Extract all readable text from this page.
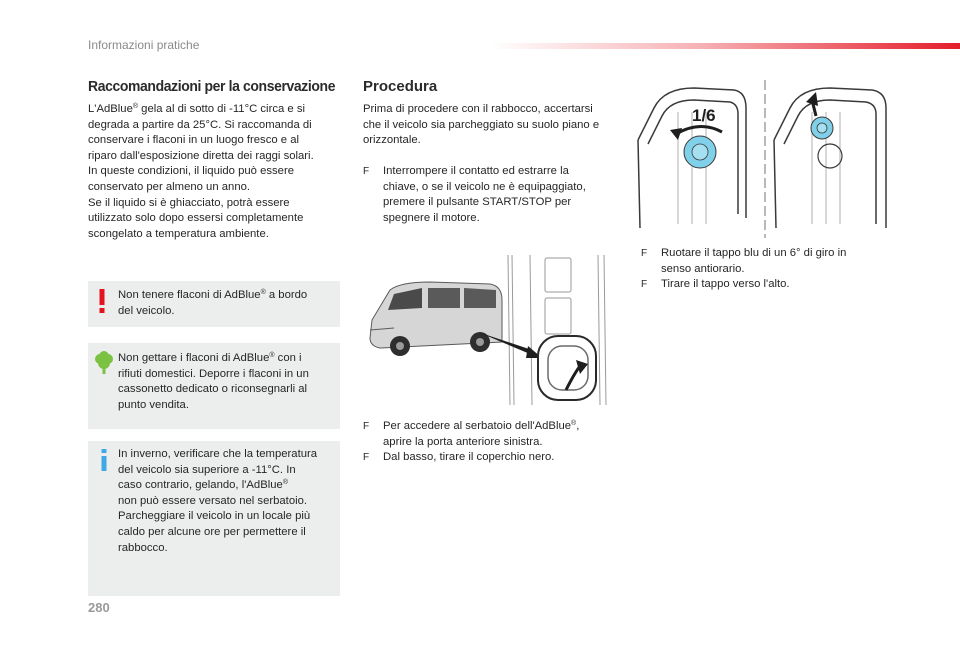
Informazioni pratiche
Raccomandazioni per la conservazione

L'AdBlue® gela al di sotto di -11°C circa e si

degrada a partire da 25°C. Si raccomanda di

conservare i flaconi in un luogo fresco e al

riparo dall'esposizione diretta dei raggi solari.

In queste condizioni, il liquido può essere

conservato per almeno un anno.

Se il liquido si è ghiacciato, potrà essere

utilizzato solo dopo essersi completamente

scongelato a temperatura ambiente.

Non tenere flaconi di AdBlue® a bordo

del veicolo.

Non gettare i flaconi di AdBlue® con i

rifiuti domestici. Deporre i flaconi in un

cassonetto dedicato o riconsegnarli al

punto vendita.

In inverno, verificare che la temperatura

del veicolo sia superiore a -11°C. In

caso contrario, gelando, l'AdBlue®

non può essere versato nel serbatoio.

Parcheggiare il veicolo in un locale più

caldo per alcune ore per permettere il

rabbocco.

Procedura

Prima di procedere con il rabbocco, accertarsi

che il veicolo sia parcheggiato su suolo piano e

orizzontale.

F Interrompere il contatto ed estrarre la

chiave, o se il veicolo ne è equipaggiato,

premere il pulsante START/STOP per

spegnere il motore.

F Per accedere al serbatoio dell'AdBlue®,

aprire la porta anteriore sinistra.

F Dal basso, tirare il coperchio nero.

1/6
F Ruotare il tappo blu di un 6° di giro in

senso antiorario.

F Tirare il tappo verso l'alto.

280
